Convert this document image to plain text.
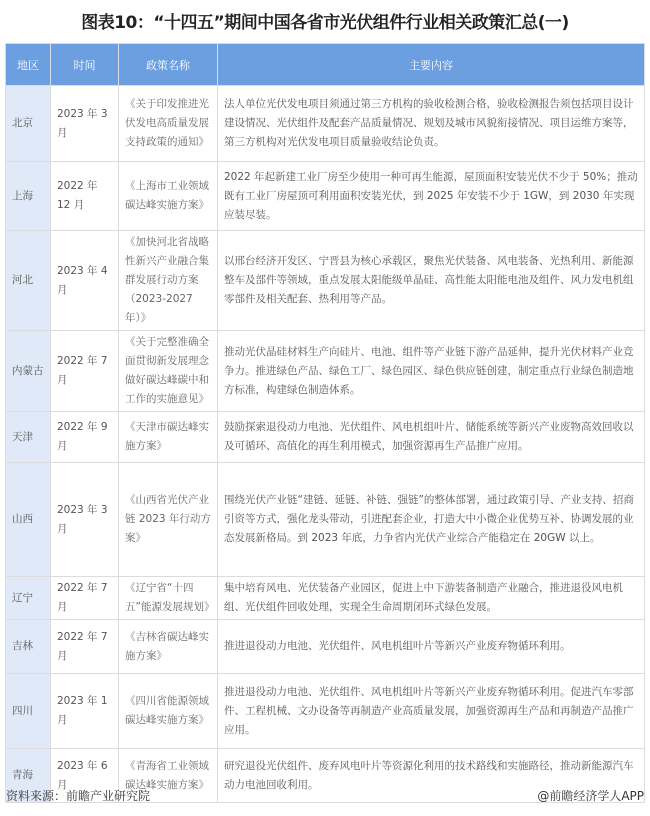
图表10：“十四五”期间中国各省市光伏组件行业相关政策汇总(一)
地区	时间	政策名称	主要内容
北京	2023 年 3 月	《关于印发推进光伏发电高质量发展支持政策的通知》	法人单位光伏发电项目须通过第三方机构的验收检测合格，验收检测报告须包括项目设计建设情况、光伏组件及配套产品质量情况、规划及城市风貌衔接情况、项目运维方案等，第三方机构对光伏发电项目质量验收结论负责。
上海	2022 年 12 月	《上海市工业领域碳达峰实施方案》	2022 年起新建工业厂房至少使用一种可再生能源，屋顶面积安装光伏不少于 50%；推动既有工业厂房屋顶可利用面积安装光伏，到 2025 年安装不少于 1GW，到 2030 年实现应装尽装。
河北	2023 年 4 月	《加快河北省战略性新兴产业融合集群发展行动方案（2023-2027 年）》	以邢台经济开发区、宁晋县为核心承载区，聚焦光伏装备、风电装备、光热利用、新能源整车及部件等领域，重点发展太阳能级单晶硅、高性能太阳能电池及组件、风力发电机组零部件及相关配套、热利用等产品。
内蒙古	2022 年 7 月	《关于完整准确全面贯彻新发展理念做好碳达峰碳中和工作的实施意见》	推动光伏晶硅材料生产向硅片、电池、组件等产业链下游产品延伸，提升光伏材料产业竞争力。推进绿色产品、绿色工厂、绿色园区、绿色供应链创建，制定重点行业绿色制造地方标准，构建绿色制造体系。
天津	2022 年 9 月	《天津市碳达峰实施方案》	鼓励探索退役动力电池、光伏组件、风电机组叶片、储能系统等新兴产业废物高效回收以及可循环、高值化的再生利用模式，加强资源再生产品推广应用。
山西	2023 年 3 月	《山西省光伏产业链 2023 年行动方案》	围绕光伏产业链“建链、延链、补链、强链”的整体部署，通过政策引导、产业支持、招商引资等方式，强化龙头带动，引进配套企业，打造大中小微企业优势互补、协调发展的业态发展新格局。到 2023 年底，力争省内光伏产业综合产能稳定在 20GW 以上。
辽宁	2022 年 7 月	《辽宁省“十四五”能源发展规划》	集中培育风电、光伏装备产业园区，促进上中下游装备制造产业融合，推进退役风电机组、光伏组件回收处理，实现全生命周期闭环式绿色发展。
吉林	2022 年 7 月	《吉林省碳达峰实施方案》	推进退役动力电池、光伏组件、风电机组叶片等新兴产业废弃物循环利用。
四川	2023 年 1 月	《四川省能源领域碳达峰实施方案》	推进退役动力电池、光伏组件、风电机组叶片等新兴产业废弃物循环利用。促进汽车零部件、工程机械、文办设备等再制造产业高质量发展，加强资源再生产品和再制造产品推广应用。
青海	2023 年 6 月	《青海省工业领域碳达峰实施方案》	研究退役光伏组件、废弃风电叶片等资源化利用的技术路线和实施路径，推动新能源汽车动力电池回收利用。
资料来源：前瞻产业研究院	@前瞻经济学人APP
